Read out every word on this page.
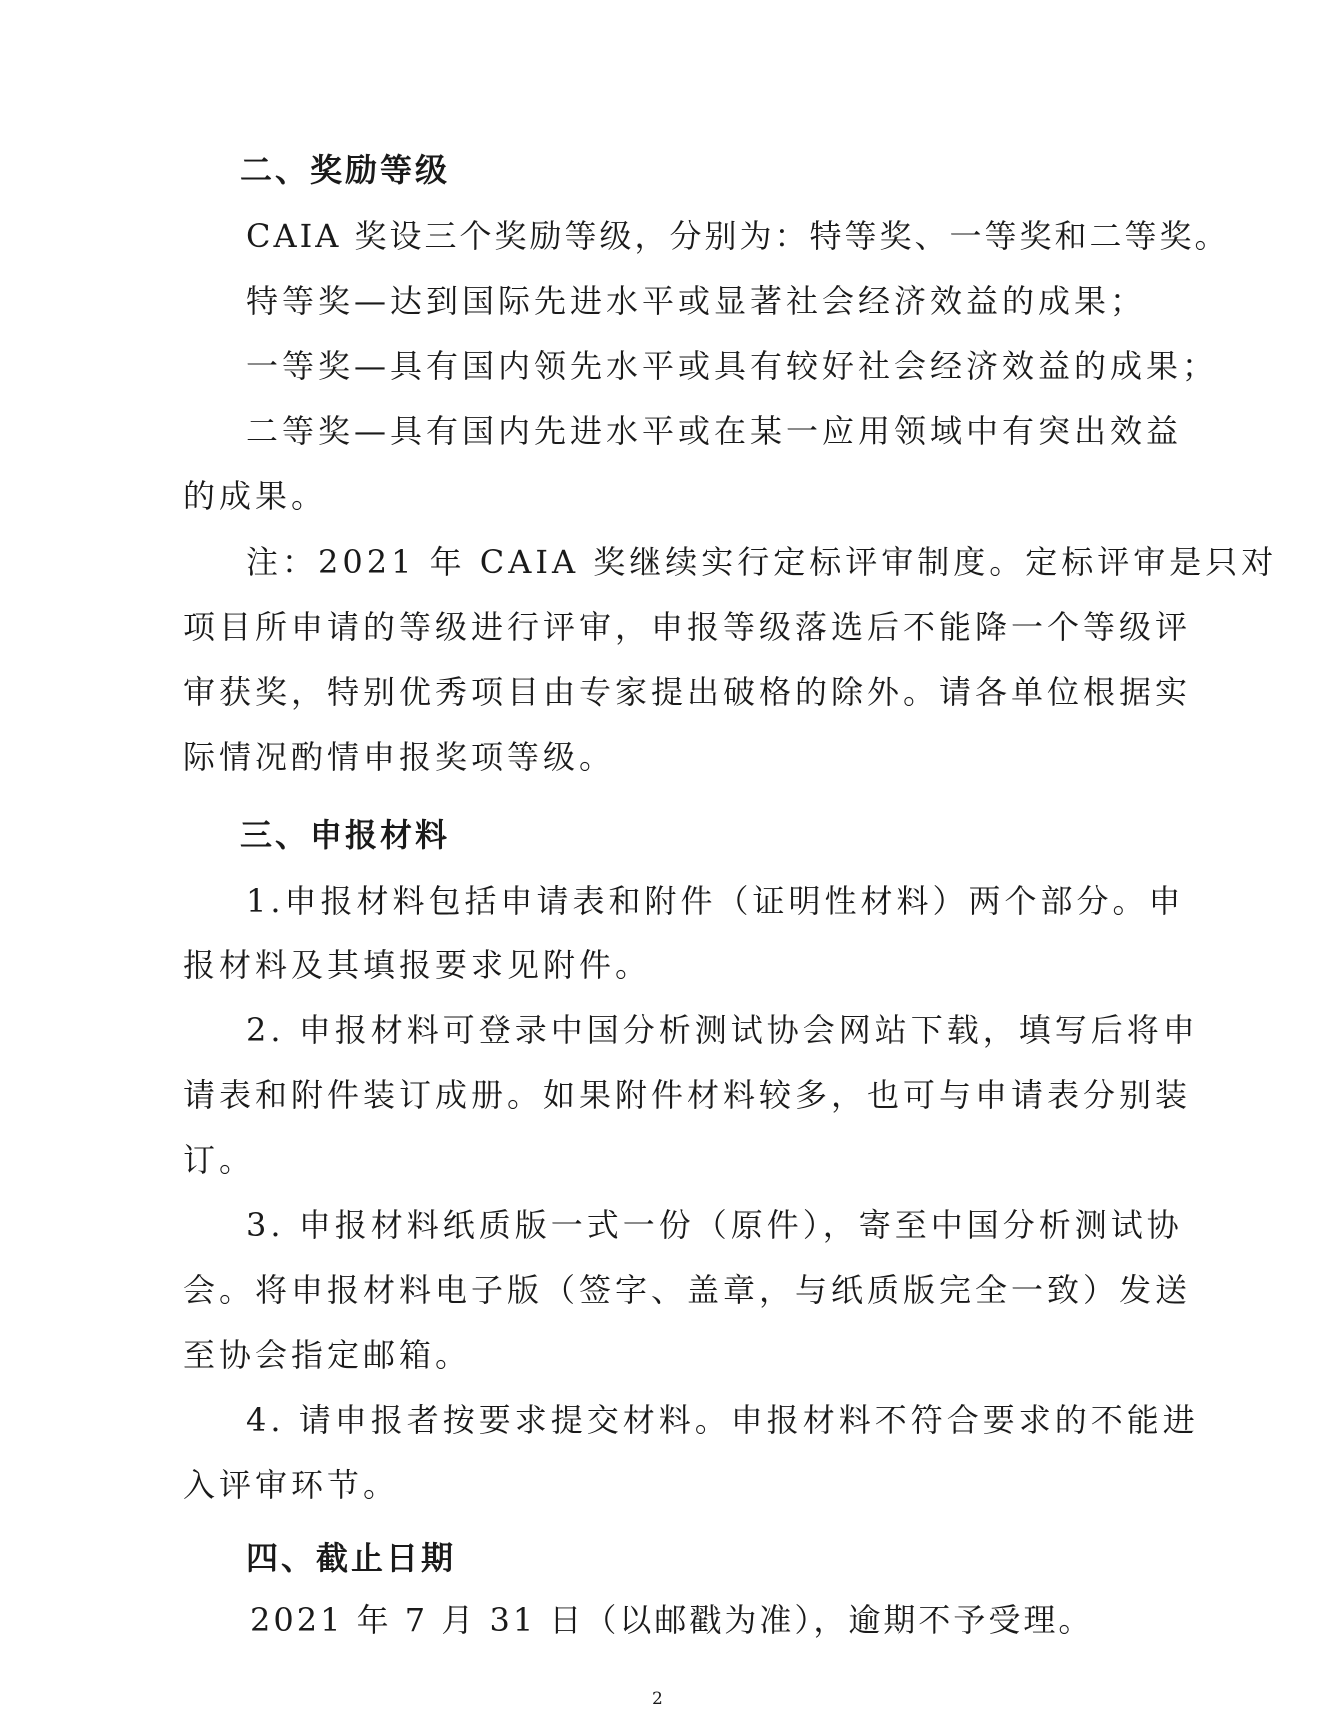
二、奖励等级
CAIA 奖设三个奖励等级，分别为：特等奖、一等奖和二等奖。
特等奖—达到国际先进水平或显著社会经济效益的成果；
一等奖—具有国内领先水平或具有较好社会经济效益的成果；
二等奖—具有国内先进水平或在某一应用领域中有突出效益
的成果。
注：2021 年 CAIA 奖继续实行定标评审制度。定标评审是只对
项目所申请的等级进行评审，申报等级落选后不能降一个等级评
审获奖，特别优秀项目由专家提出破格的除外。请各单位根据实
际情况酌情申报奖项等级。
三、申报材料
1.申报材料包括申请表和附件（证明性材料）两个部分。申
报材料及其填报要求见附件。
2. 申报材料可登录中国分析测试协会网站下载，填写后将申
请表和附件装订成册。如果附件材料较多，也可与申请表分别装
订。
3. 申报材料纸质版一式一份（原件），寄至中国分析测试协
会。将申报材料电子版（签字、盖章，与纸质版完全一致）发送
至协会指定邮箱。
4. 请申报者按要求提交材料。申报材料不符合要求的不能进
入评审环节。
四、截止日期
2021 年 7 月 31 日（以邮戳为准），逾期不予受理。
2
